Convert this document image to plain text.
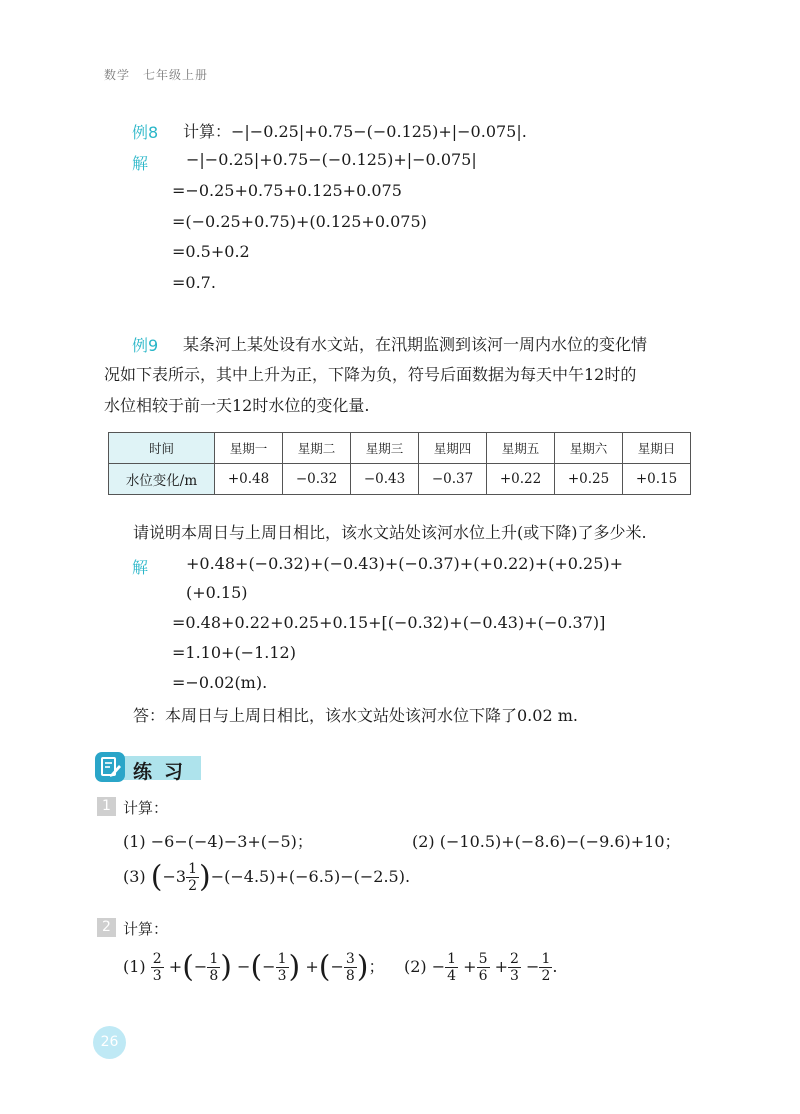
数学　七年级上册
例8 计算：−|−0.25|+0.75−(−0.125)+|−0.075|.
解 −|−0.25|+0.75−(−0.125)+|−0.075|
=−0.25+0.75+0.125+0.075
=(−0.25+0.75)+(0.125+0.075)
=0.5+0.2
=0.7.
例9 某条河上某处设有水文站，在汛期监测到该河一周内水位的变化情
况如下表所示，其中上升为正，下降为负，符号后面数据为每天中午12时的
水位相较于前一天12时水位的变化量.
时间	星期一	星期二	星期三	星期四	星期五	星期六	星期日
水位变化/m	+0.48	−0.32	−0.43	−0.37	+0.22	+0.25	+0.15
请说明本周日与上周日相比，该水文站处该河水位上升(或下降)了多少米.
解 +0.48+(−0.32)+(−0.43)+(−0.37)+(+0.22)+(+0.25)+
(+0.15)
=0.48+0.22+0.25+0.15+[(−0.32)+(−0.43)+(−0.37)]
=1.10+(−1.12)
=−0.02(m).
答：本周日与上周日相比，该水文站处该河水位下降了0.02 m.
练习
1 计算：
(1) −6−(−4)−3+(−5)；	(2) (−10.5)+(−8.6)−(−9.6)+10；
(3) $(-3 \frac{1}{2} )-(-4.5)+(-6.5)-(-2.5)$.
2 计算：
$(1) \frac{2}{3}$ +(− $\frac{1}{8}$ ) −(− $\frac{1}{3}$ ) +(− $\frac{3}{8}$ )； $(2) - \frac{1}{4} + \frac{5}{6} + \frac{2}{3} - \frac{1}{2}$ .
26
